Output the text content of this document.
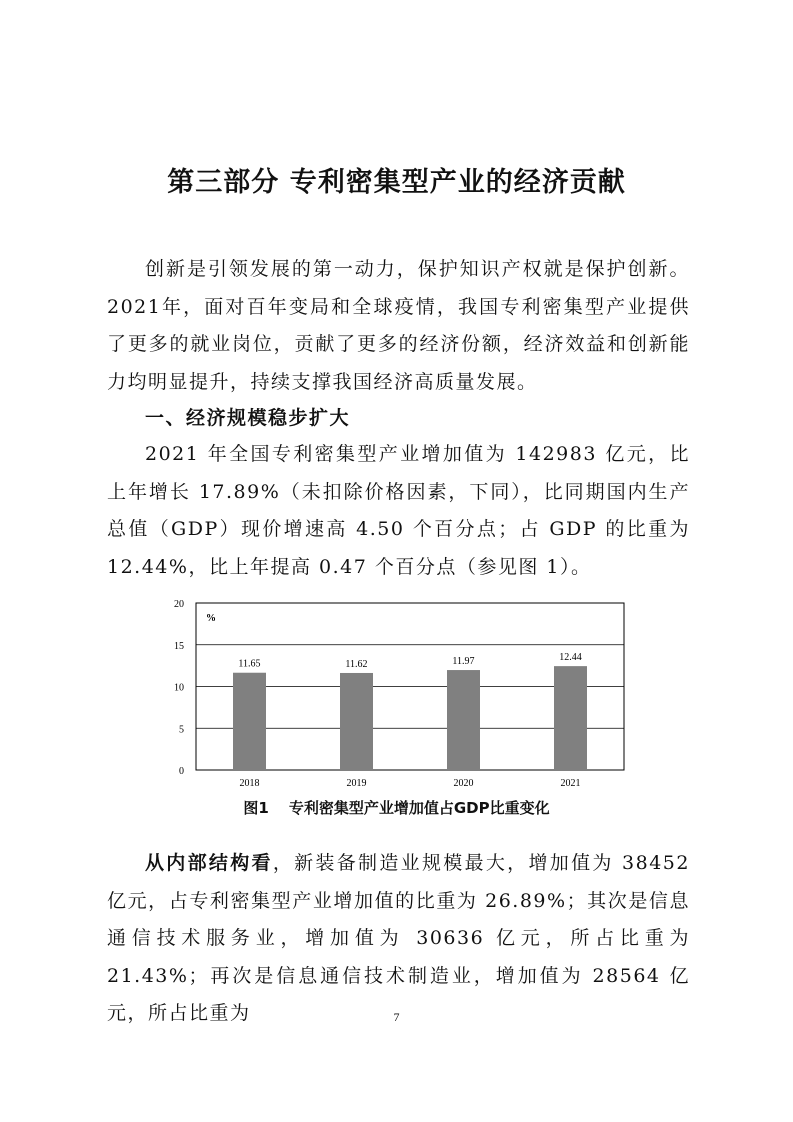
第三部分 专利密集型产业的经济贡献
创新是引领发展的第一动力，保护知识产权就是保护创新。2021年，面对百年变局和全球疫情，我国专利密集型产业提供了更多的就业岗位，贡献了更多的经济份额，经济效益和创新能力均明显提升，持续支撑我国经济高质量发展。
一、经济规模稳步扩大
2021 年全国专利密集型产业增加值为 142983 亿元，比上年增长 17.89%（未扣除价格因素，下同），比同期国内生产总值（GDP）现价增速高 4.50 个百分点；占 GDP 的比重为 12.44%，比上年提高 0.47 个百分点（参见图 1）。
0
5
10
15
20
%
11.65
2018
11.62
2019
11.97
2020
12.44
2021
图1 专利密集型产业增加值占GDP比重变化
从内部结构看，新装备制造业规模最大，增加值为 38452 亿元，占专利密集型产业增加值的比重为 26.89%；其次是信息通信技术服务业，增加值为 30636 亿元，所占比重为 21.43%；再次是信息通信技术制造业，增加值为 28564 亿元，所占比重为	7
